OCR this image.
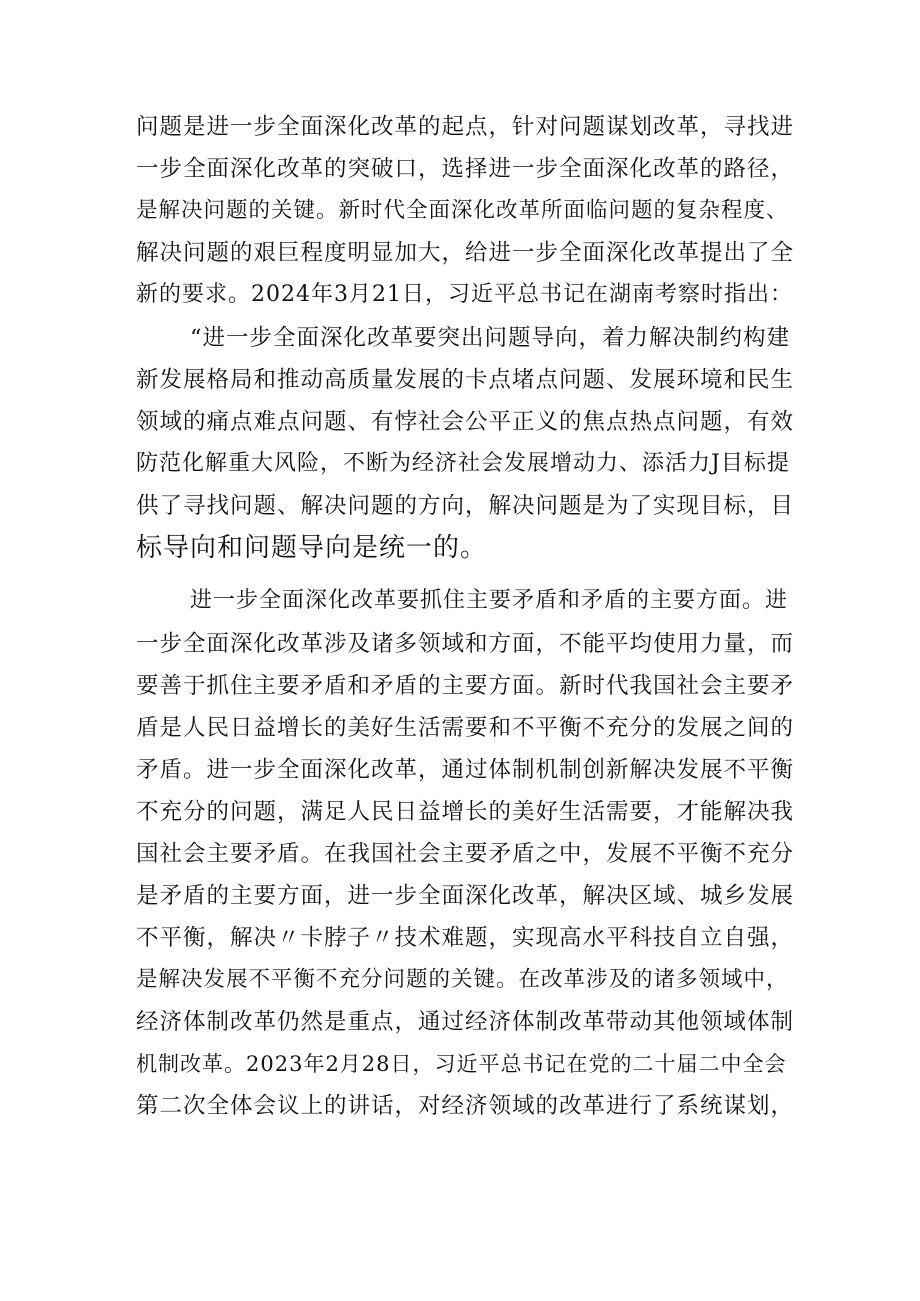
问题是进一步全面深化改革的起点，针对问题谋划改革，寻找进
一步全面深化改革的突破口，选择进一步全面深化改革的路径，
是解决问题的关键。新时代全面深化改革所面临问题的复杂程度、
解决问题的艰巨程度明显加大，给进一步全面深化改革提出了全
新的要求。2024年3月21日，习近平总书记在湖南考察时指出：
“进一步全面深化改革要突出问题导向，着力解决制约构建
新发展格局和推动高质量发展的卡点堵点问题、发展环境和民生
领域的痛点难点问题、有悖社会公平正义的焦点热点问题，有效
防范化解重大风险，不断为经济社会发展增动力、添活力J目标提
供了寻找问题、解决问题的方向，解决问题是为了实现目标，目
标导向和问题导向是统一的。
进一步全面深化改革要抓住主要矛盾和矛盾的主要方面。进
一步全面深化改革涉及诸多领域和方面，不能平均使用力量，而
要善于抓住主要矛盾和矛盾的主要方面。新时代我国社会主要矛
盾是人民日益增长的美好生活需要和不平衡不充分的发展之间的
矛盾。进一步全面深化改革，通过体制机制创新解决发展不平衡
不充分的问题，满足人民日益增长的美好生活需要，才能解决我
国社会主要矛盾。在我国社会主要矛盾之中，发展不平衡不充分
是矛盾的主要方面，进一步全面深化改革，解决区域、城乡发展
不平衡，解决〃卡脖子〃技术难题，实现高水平科技自立自强，
是解决发展不平衡不充分问题的关键。在改革涉及的诸多领域中，
经济体制改革仍然是重点，通过经济体制改革带动其他领域体制
机制改革。2023年2月28日，习近平总书记在党的二十届二中全会
第二次全体会议上的讲话，对经济领域的改革进行了系统谋划，
